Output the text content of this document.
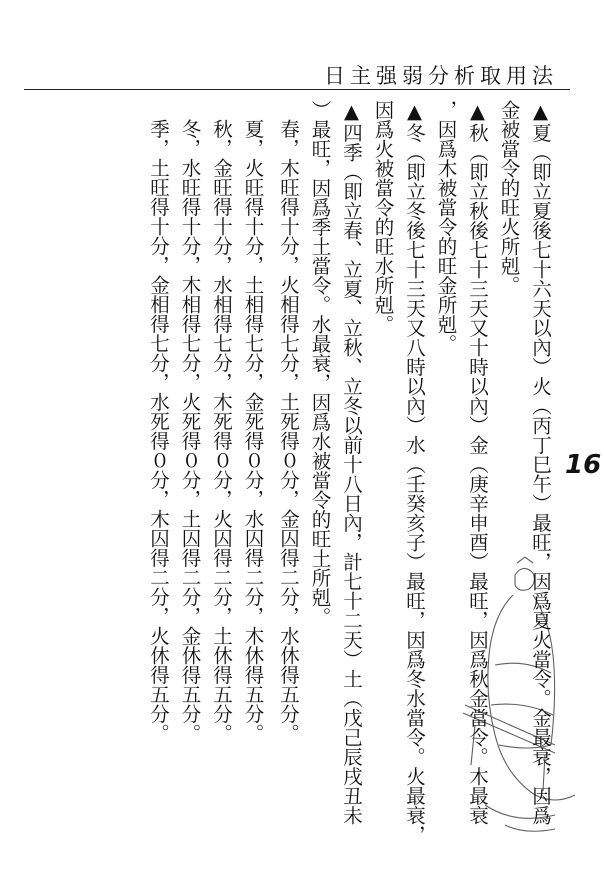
日主强弱分析取用法
16

▲ 夏（即立夏後七十六天以內）火（丙丁巳午）最旺，因爲夏火當令。金最衰，因爲

金被當令的旺火所剋。

▲ 秋（即立秋後七十三天又十時以內）金（庚辛申酉）最旺，因爲秋金當令。木最衰

，因爲木被當令的旺金所剋。

▲ 冬（即立冬後七十三天又八時以內）水（壬癸亥子）最旺，因爲冬水當令。火最衰，

因爲火被當令的旺水所剋。

▲ 四季（即立春、立夏、立秋、立冬以前十八日內，計七十二天）土（戊己辰戌丑未

）最旺，因爲季土當令。水最衰，因爲水被當令的旺土所剋。

春，木旺得十分，火相得七分，土死得０分，金囚得二分，水休得五分。

夏，火旺得十分，土相得七分，金死得０分，水囚得二分，木休得五分。

秋，金旺得十分，水相得七分，木死得０分，火囚得二分，土休得五分。

冬，水旺得十分，木相得七分，火死得０分，土囚得二分，金休得五分。

季，土旺得十分，金相得七分，水死得０分，木囚得二分，火休得五分。
